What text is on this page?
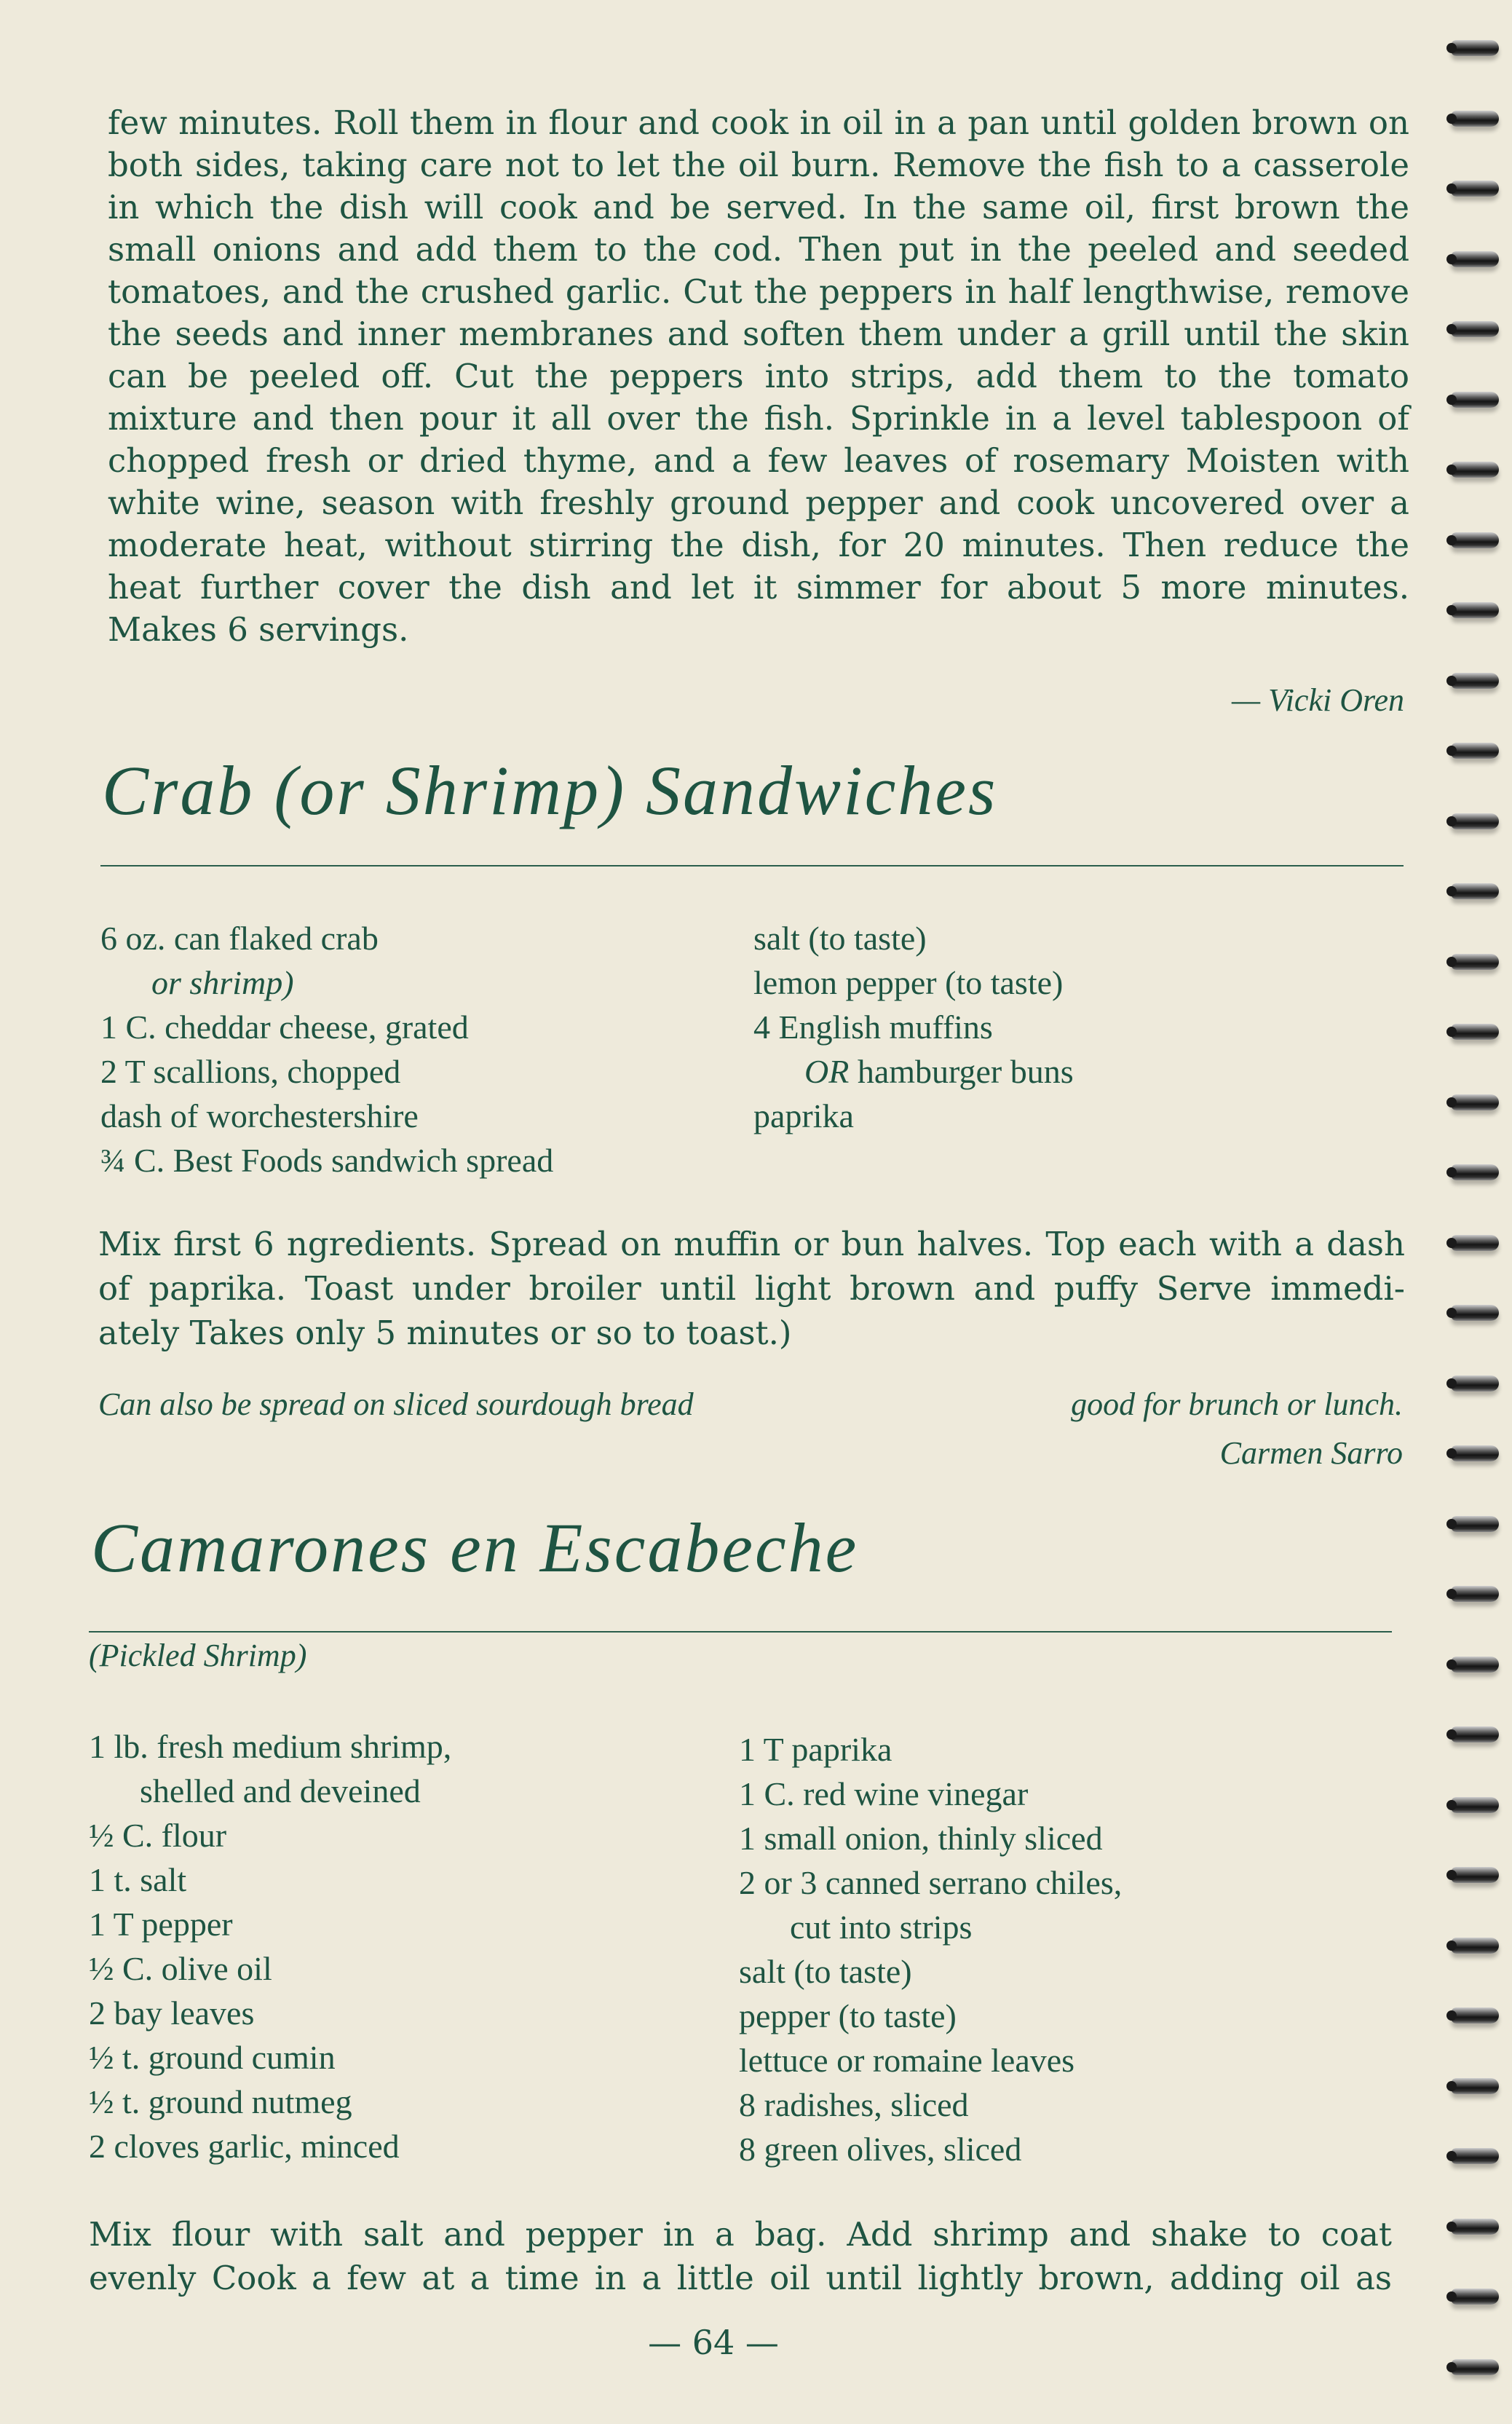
few minutes. Roll them in flour and cook in oil in a pan until golden brown on

both sides, taking care not to let the oil burn. Remove the fish to a casserole

in which the dish will cook and be served. In the same oil, first brown the

small onions and add them to the cod. Then put in the peeled and seeded

tomatoes, and the crushed garlic. Cut the peppers in half lengthwise, remove

the seeds and inner membranes and soften them under a grill until the skin

can be peeled off. Cut the peppers into strips, add them to the tomato

mixture and then pour it all over the fish. Sprinkle in a level tablespoon of

chopped fresh or dried thyme, and a few leaves of rosemary Moisten with

white wine, season with freshly ground pepper and cook uncovered over a

moderate heat, without stirring the dish, for 20 minutes. Then reduce the

heat further cover the dish and let it simmer for about 5 more minutes.

Makes 6 servings.

— Vicki Oren
Crab (or Shrimp) Sandwiches
6 oz. can flaked crab
or shrimp)
1 C. cheddar cheese, grated
2 T scallions, chopped
dash of worchestershire
¾ C. Best Foods sandwich spread
salt (to taste)
lemon pepper (to taste)
4 English muffins
OR hamburger buns
paprika

Mix first 6 ngredients. Spread on muffin or bun halves. Top each with a dash

of paprika. Toast under broiler until light brown and puffy Serve immedi-

ately Takes only 5 minutes or so to toast.)

Can also be spread on sliced sourdough bread	good for brunch or lunch.
Carmen Sarro
Camarones en Escabeche
(Pickled Shrimp)
1 lb. fresh medium shrimp,
shelled and deveined
½ C. flour
1 t. salt
1 T pepper
½ C. olive oil
2 bay leaves
½ t. ground cumin
½ t. ground nutmeg
2 cloves garlic, minced
1 T paprika
1 C. red wine vinegar
1 small onion, thinly sliced
2 or 3 canned serrano chiles,
cut into strips
salt (to taste)
pepper (to taste)
lettuce or romaine leaves
8 radishes, sliced
8 green olives, sliced

Mix flour with salt and pepper in a bag. Add shrimp and shake to coat

evenly Cook a few at a time in a little oil until lightly brown, adding oil as

— 64 —
